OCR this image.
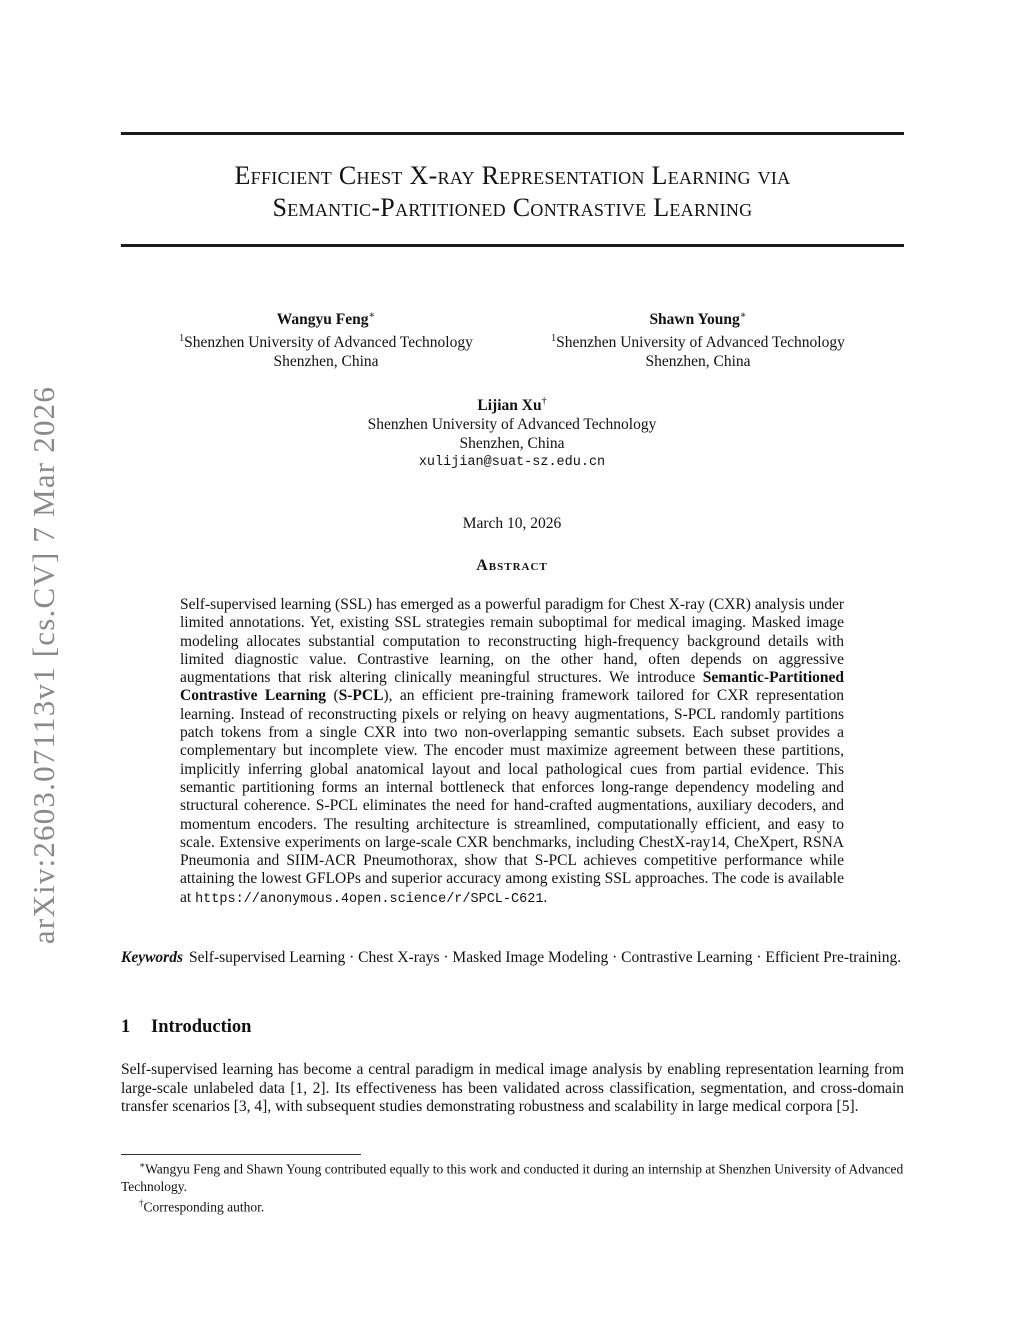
arXiv:2603.07113v1 [cs.CV] 7 Mar 2026
Efficient Chest X-ray Representation Learning via
Semantic-Partitioned Contrastive Learning
Wangyu Feng∗
$^1$Shenzhen University of Advanced Technology
Shenzhen, China
Shawn Young∗
$^1$Shenzhen University of Advanced Technology
Shenzhen, China
Lijian Xu†
Shenzhen University of Advanced Technology
Shenzhen, China
xulijian@suat-sz.edu.cn
March 10, 2026
Abstract
Self-supervised learning (SSL) has emerged as a powerful paradigm for Chest X-ray (CXR) analysis under limited annotations. Yet, existing SSL strategies remain suboptimal for medical imaging. Masked image modeling allocates substantial computation to reconstructing high-frequency background details with limited diagnostic value. Contrastive learning, on the other hand, often depends on aggressive augmentations that risk altering clinically meaningful structures. We introduce Semantic-Partitioned Contrastive Learning (S-PCL), an efficient pre-training framework tailored for CXR representation learning. Instead of reconstructing pixels or relying on heavy augmentations, S-PCL randomly partitions patch tokens from a single CXR into two non-overlapping semantic subsets. Each subset provides a complementary but incomplete view. The encoder must maximize agreement between these partitions, implicitly inferring global anatomical layout and local pathological cues from partial evidence. This semantic partitioning forms an internal bottleneck that enforces long-range dependency modeling and structural coherence. S-PCL eliminates the need for hand-crafted augmentations, auxiliary decoders, and momentum encoders. The resulting architecture is streamlined, computationally efficient, and easy to scale. Extensive experiments on large-scale CXR benchmarks, including ChestX-ray14, CheXpert, RSNA Pneumonia and SIIM-ACR Pneumothorax, show that S-PCL achieves competitive performance while attaining the lowest GFLOPs and superior accuracy among existing SSL approaches. The code is available at https://anonymous.4open.science/r/SPCL-C621.
Keywords Self-supervised Learning · Chest X-rays · Masked Image Modeling · Contrastive Learning · Efficient Pre-training.
1 Introduction
Self-supervised learning has become a central paradigm in medical image analysis by enabling representation learning from large-scale unlabeled data [1, 2]. Its effectiveness has been validated across classification, segmentation, and cross-domain transfer scenarios [3, 4], with subsequent studies demonstrating robustness and scalability in large medical corpora [5].

∗Wangyu Feng and Shawn Young contributed equally to this work and conducted it during an internship at Shenzhen University of Advanced Technology.

†Corresponding author.
